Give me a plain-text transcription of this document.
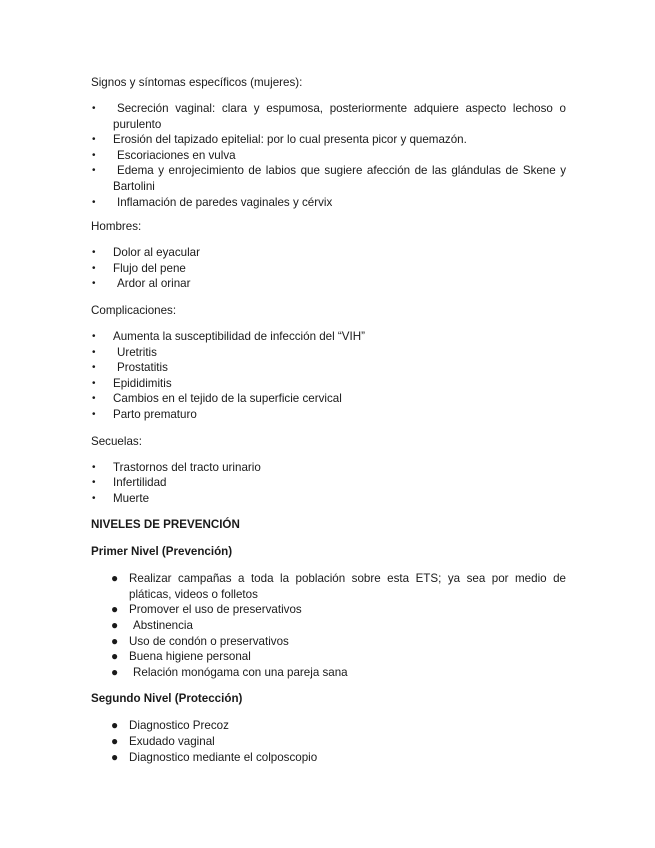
Signos y síntomas específicos (mujeres):

• Secreción vaginal: clara y espumosa, posteriormente adquiere aspecto lechoso o purulento
• Erosión del tapizado epitelial: por lo cual presenta picor y quemazón.
• Escoriaciones en vulva
• Edema y enrojecimiento de labios que sugiere afección de las glándulas de Skene y Bartolini
• Inflamación de paredes vaginales y cérvix

Hombres:

• Dolor al eyacular
• Flujo del pene
• Ardor al orinar

Complicaciones:

• Aumenta la susceptibilidad de infección del “VIH”
• Uretritis
• Prostatitis
• Epididimitis
• Cambios en el tejido de la superficie cervical
• Parto prematuro

Secuelas:

• Trastornos del tracto urinario
• Infertilidad
• Muerte

NIVELES DE PREVENCIÓN

Primer Nivel (Prevención)

● Realizar campañas a toda la población sobre esta ETS; ya sea por medio de pláticas, videos o folletos
● Promover el uso de preservativos
● Abstinencia
● Uso de condón o preservativos
● Buena higiene personal
● Relación monógama con una pareja sana

Segundo Nivel (Protección)

● Diagnostico Precoz
● Exudado vaginal
● Diagnostico mediante el colposcopio
